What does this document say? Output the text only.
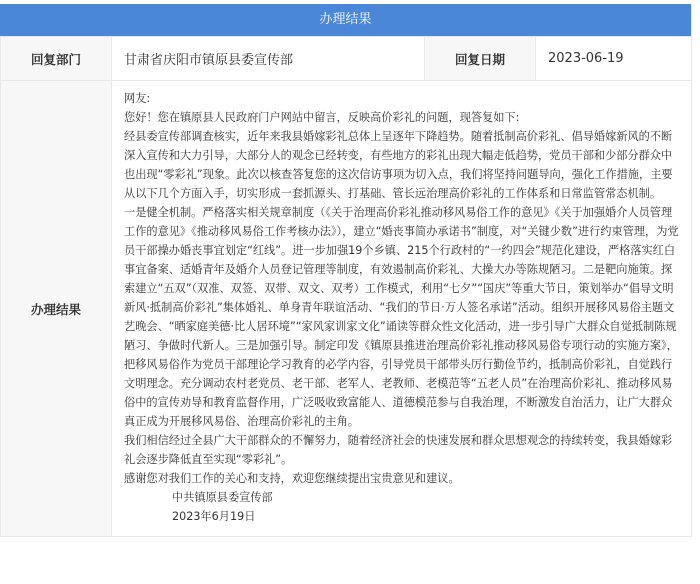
办理结果
回复部门	甘肃省庆阳市镇原县委宣传部	回复日期	2023-06-19
办理结果	

网友:

您好！您在镇原县人民政府门户网站中留言，反映高价彩礼的问题，现答复如下:

经县委宣传部调查核实，近年来我县婚嫁彩礼总体上呈逐年下降趋势。随着抵制高价彩礼、倡导婚嫁新风的不断深入宣传和大力引导，大部分人的观念已经转变，有些地方的彩礼出现大幅走低趋势，党员干部和少部分群众中也出现“零彩礼”现象。此次以核查答复您的这次信访事项为切入点，我们将坚持问题导向，强化工作措施，主要从以下几个方面入手，切实形成一套抓源头、打基础、管长远治理高价彩礼的工作体系和日常监管常态机制。

一是健全机制。严格落实相关规章制度（《关于治理高价彩礼推动移风易俗工作的意见》《关于加强婚介人员管理工作的意见》《推动移风易俗工作考核办法》），建立“婚丧事简办承诺书”制度，对“关键少数”进行约束管理，为党员干部操办婚丧事宜划定“红线”。进一步加强19个乡镇、215个行政村的“一约四会”规范化建设，严格落实红白事宜备案、适婚青年及婚介人员登记管理等制度，有效遏制高价彩礼、大操大办等陈规陋习。二是靶向施策。探索建立“五双”（双准、双签、双带、双文、双考）工作模式，利用“七夕”“国庆”等重大节日，策划举办“倡导文明新风·抵制高价彩礼”集体婚礼、单身青年联谊活动、“我们的节日·万人签名承诺”活动。组织开展移风易俗主题文艺晚会、“晒家庭美德·比人居环境”“家风家训家文化”诵读等群众性文化活动，进一步引导广大群众自觉抵制陈规陋习、争做时代新人。三是加强引导。制定印发《镇原县推进治理高价彩礼推动移风易俗专项行动的实施方案》，把移风易俗作为党员干部理论学习教育的必学内容，引导党员干部带头厉行勤俭节约，抵制高价彩礼，自觉践行文明理念。充分调动农村老党员、老干部、老军人、老教师、老模范等“五老人员”在治理高价彩礼、推动移风易俗中的宣传劝导和教育监督作用，广泛吸收致富能人、道德模范参与自我治理，不断激发自治活力，让广大群众真正成为开展移风易俗、治理高价彩礼的主角。

我们相信经过全县广大干部群众的不懈努力，随着经济社会的快速发展和群众思想观念的持续转变，我县婚嫁彩礼会逐步降低直至实现“零彩礼”。

感谢您对我们工作的关心和支持，欢迎您继续提出宝贵意见和建议。

中共镇原县委宣传部

2023年6月19日
